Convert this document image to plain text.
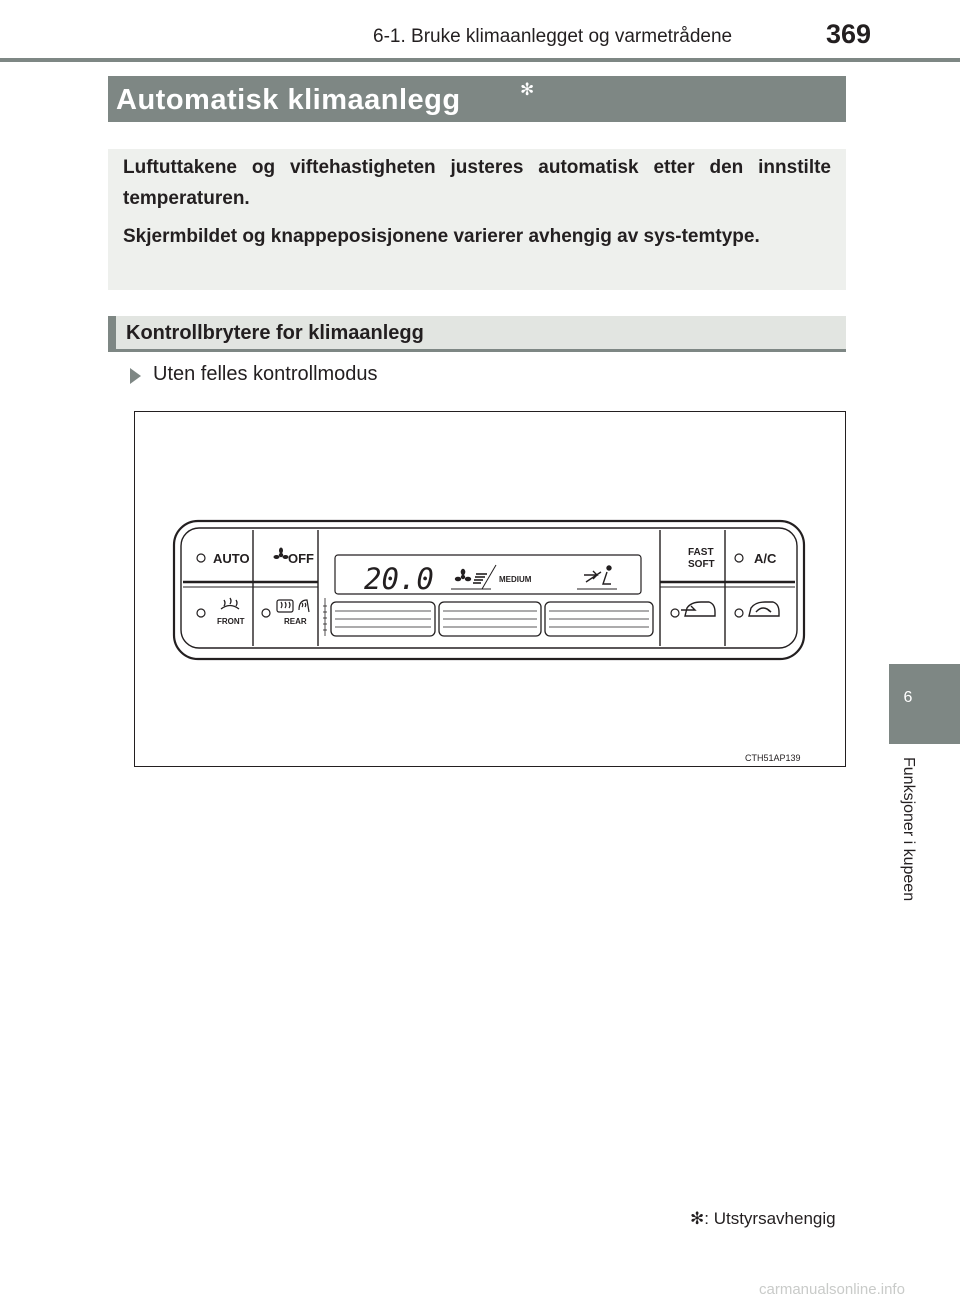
6-1. Bruke klimaanlegget og varmetrådene	369
Automatisk klimaanlegg	✻

Luftuttakene og viftehastigheten justeres automatisk etter den innstilte temperaturen.

Skjermbildet og knappeposisjonene varierer avhengig av sys-temtype.

Kontrollbrytere for klimaanlegg
Uten felles kontrollmodus
AUTO	OFF
FRONT	REAR
20.0	MEDIUM
FAST
SOFT	A/C
CTH51AP139
✻: Utstyrsavhengig
6
Funksjoner i kupeen
carmanualsonline.info
